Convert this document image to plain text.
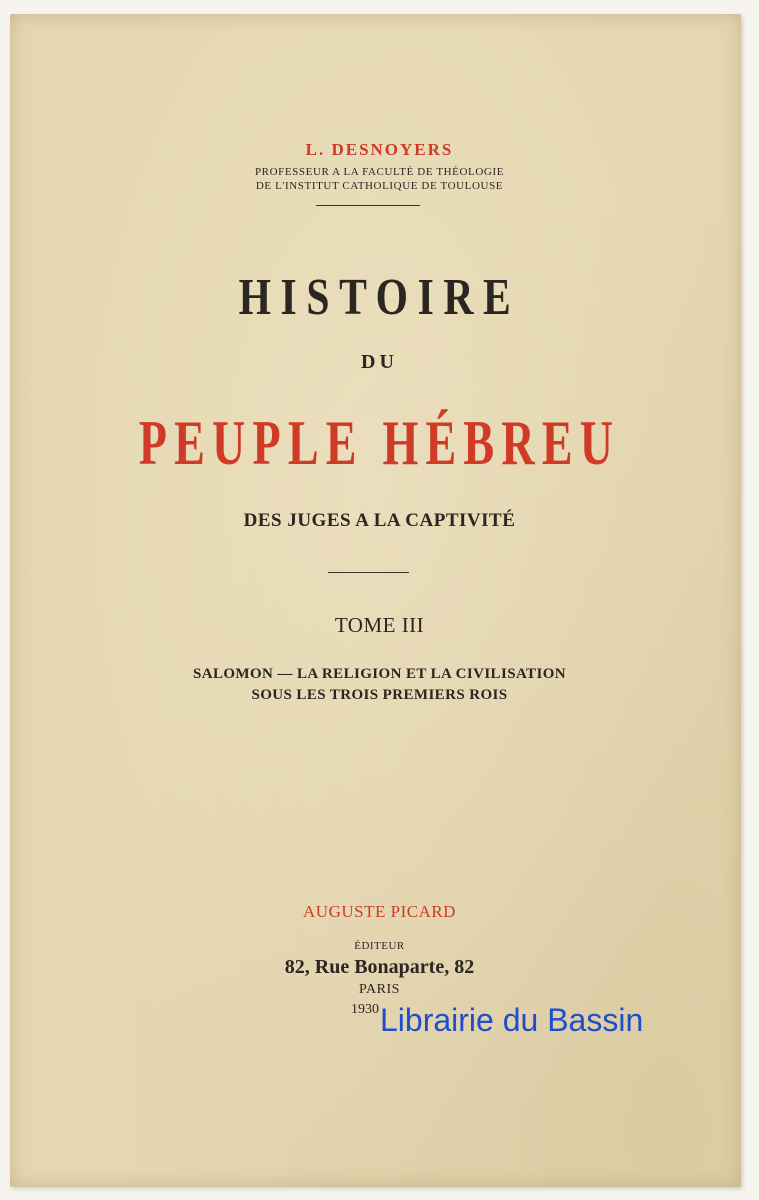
L. DESNOYERS
PROFESSEUR A LA FACULTÉ DE THÉOLOGIE
DE L'INSTITUT CATHOLIQUE DE TOULOUSE
HISTOIRE
DU
PEUPLE HÉBREU
DES JUGES A LA CAPTIVITÉ
TOME III
SALOMON — LA RELIGION ET LA CIVILISATION
SOUS LES TROIS PREMIERS ROIS
AUGUSTE PICARD
ÉDITEUR
82, Rue Bonaparte, 82
PARIS
1930 Librairie du Bassin
